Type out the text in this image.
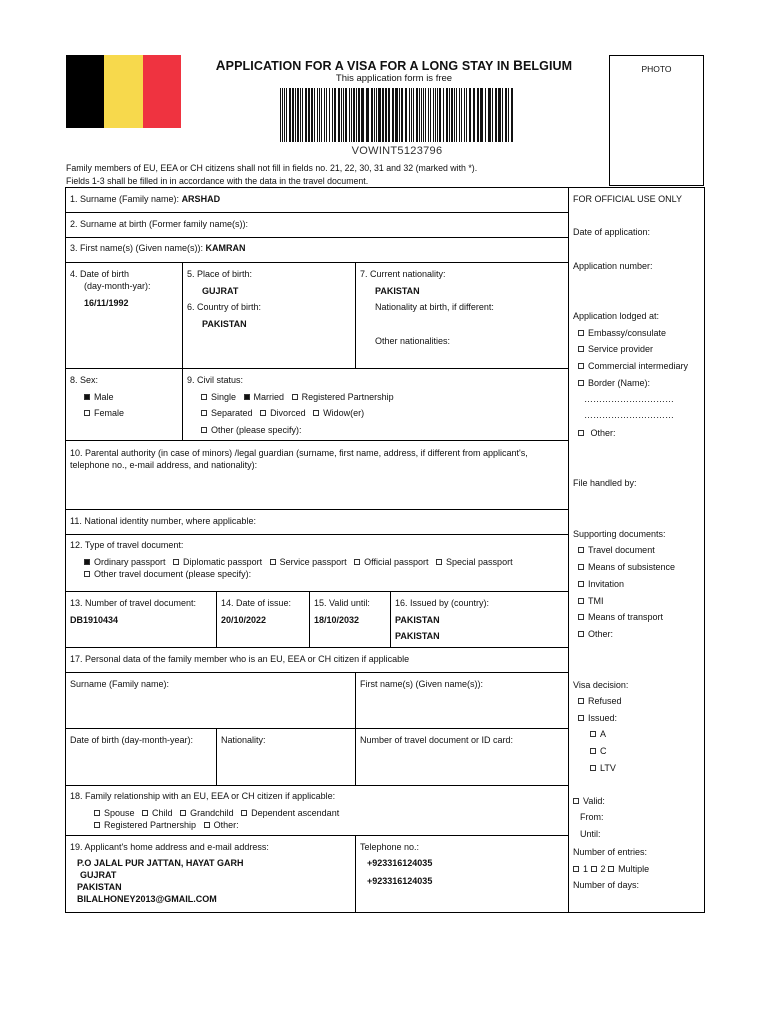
APPLICATION FOR A VISA FOR A LONG STAY IN BELGIUM
This application form is free
VOWINT5123796
PHOTO
Family members of EU, EEA or CH citizens shall not fill in fields no. 21, 22, 30, 31 and 32 (marked with *).
Fields 1-3 shall be filled in in accordance with the data in the travel document.
1. Surname (Family name): ARSHAD
2. Surname at birth (Former family name(s)):
3. First name(s) (Given name(s)): KAMRAN
4. Date of birth
(day-month-yar):
16/11/1992
5. Place of birth:
GUJRAT
6. Country of birth:
PAKISTAN
7. Current nationality:
PAKISTAN
Nationality at birth, if different:
Other nationalities:
8. Sex:
Male
Female
9. Civil status:
Single Married Registered Partnership
Separated Divorced Widow(er)
Other (please specify):
10. Parental authority (in case of minors) /legal guardian (surname, first name, address, if different from applicant's, telephone no., e-mail address, and nationality):
11. National identity number, where applicable:
12. Type of travel document:
Ordinary passport Diplomatic passport Service passport Official passport Special passport
Other travel document (please specify):
13. Number of travel document:
DB1910434
14. Date of issue:
20/10/2022
15. Valid until:
18/10/2032
16. Issued by (country):
PAKISTAN
PAKISTAN
17. Personal data of the family member who is an EU, EEA or CH citizen if applicable
Surname (Family name):	First name(s) (Given name(s)):
Date of birth (day-month-year):	Nationality:	Number of travel document or ID card:
18. Family relationship with an EU, EEA or CH citizen if applicable:
Spouse Child Grandchild Dependent ascendant
Registered Partnership Other:
19. Applicant's home address and e-mail address:
P.O JALAL PUR JATTAN, HAYAT GARH
GUJRAT
PAKISTAN
BILALHONEY2013@GMAIL.COM
Telephone no.:
+923316124035
+923316124035
FOR OFFICIAL USE ONLY
Date of application:
Application number:
Application lodged at:
Embassy/consulate
Service provider
Commercial intermediary
Border (Name):
…………………………
…………………………
Other:
File handled by:
Supporting documents:
Travel document
Means of subsistence
Invitation
TMI
Means of transport
Other:
Visa decision:
Refused
Issued:
A
C
LTV
Valid:
From:
Until:
Number of entries:
1 2 Multiple
Number of days:
